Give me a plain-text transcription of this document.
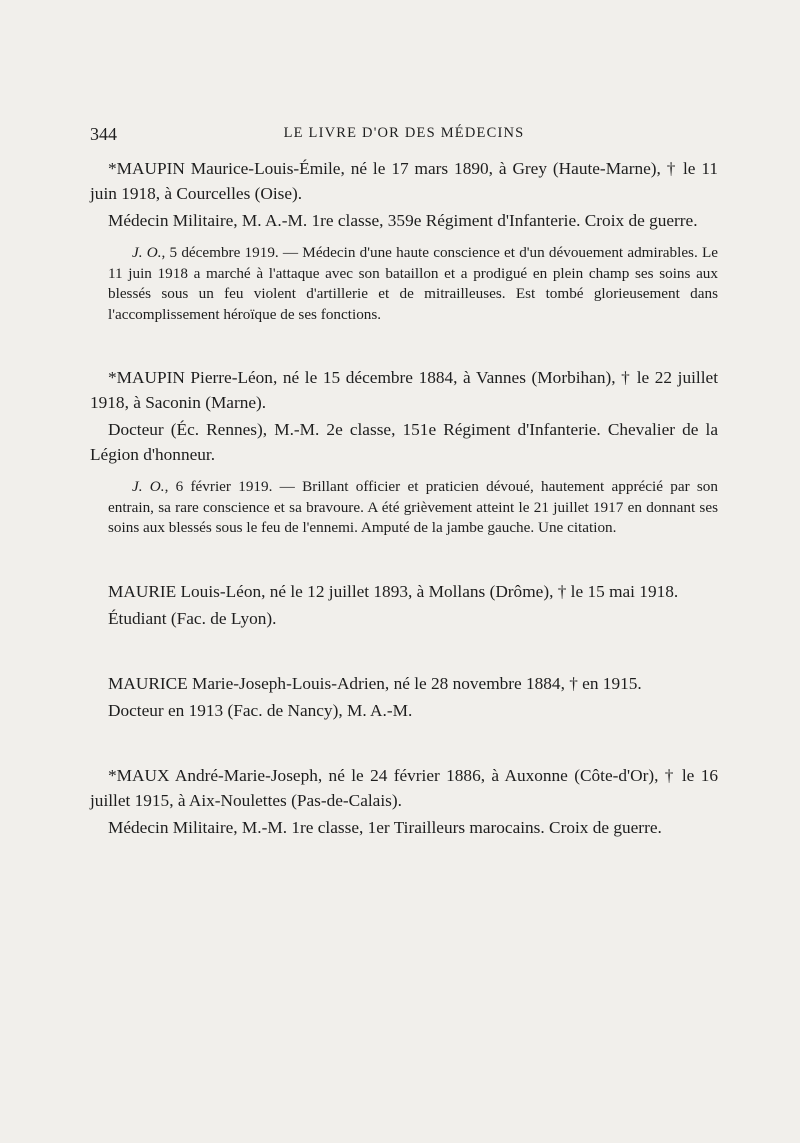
344	LE LIVRE D'OR DES MÉDECINS

*MAUPIN Maurice-Louis-Émile, né le 17 mars 1890, à Grey (Haute-Marne), † le 11 juin 1918, à Courcelles (Oise).

Médecin Militaire, M. A.-M. 1re classe, 359e Régiment d'Infanterie. Croix de guerre.

J. O., 5 décembre 1919. — Médecin d'une haute conscience et d'un dévouement admirables. Le 11 juin 1918 a marché à l'attaque avec son bataillon et a prodigué en plein champ ses soins aux blessés sous un feu violent d'artillerie et de mitrailleuses. Est tombé glorieusement dans l'accomplissement héroïque de ses fonctions.

*MAUPIN Pierre-Léon, né le 15 décembre 1884, à Vannes (Morbihan), † le 22 juillet 1918, à Saconin (Marne).

Docteur (Éc. Rennes), M.-M. 2e classe, 151e Régiment d'Infanterie. Chevalier de la Légion d'honneur.

J. O., 6 février 1919. — Brillant officier et praticien dévoué, hautement apprécié par son entrain, sa rare conscience et sa bravoure. A été grièvement atteint le 21 juillet 1917 en donnant ses soins aux blessés sous le feu de l'ennemi. Amputé de la jambe gauche. Une citation.

MAURIE Louis-Léon, né le 12 juillet 1893, à Mollans (Drôme), † le 15 mai 1918.

Étudiant (Fac. de Lyon).

MAURICE Marie-Joseph-Louis-Adrien, né le 28 novembre 1884, † en 1915.

Docteur en 1913 (Fac. de Nancy), M. A.-M.

*MAUX André-Marie-Joseph, né le 24 février 1886, à Auxonne (Côte-d'Or), † le 16 juillet 1915, à Aix-Noulettes (Pas-de-Calais).

Médecin Militaire, M.-M. 1re classe, 1er Tirailleurs marocains. Croix de guerre.
